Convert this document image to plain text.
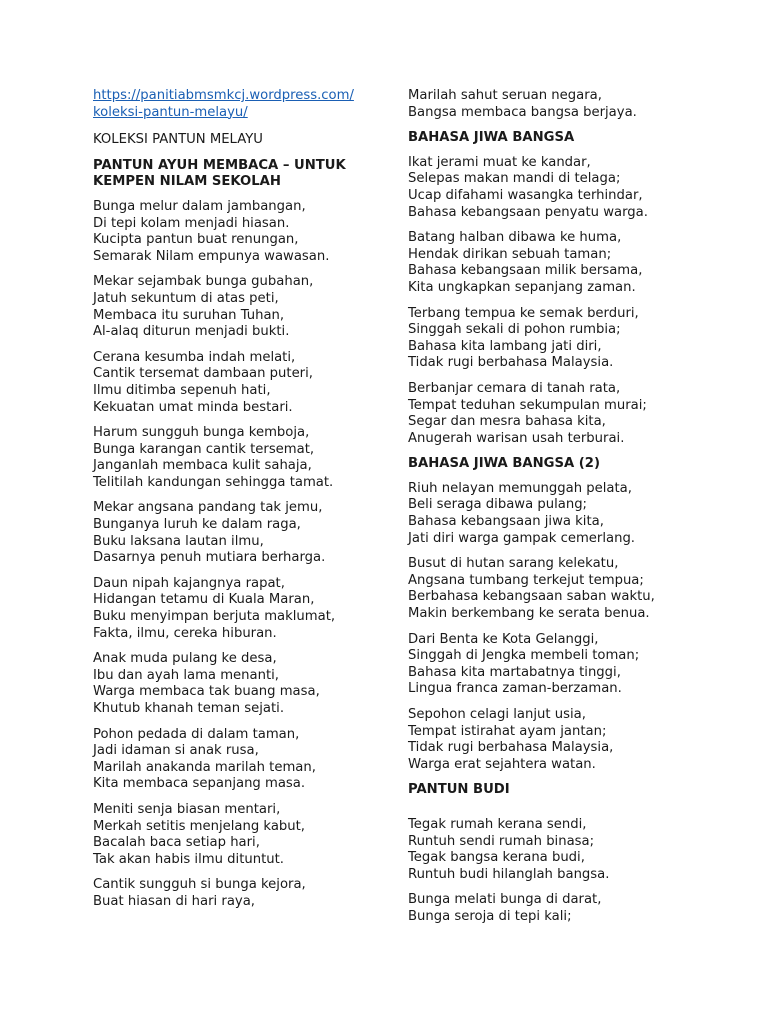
https://panitiabmsmkcj.wordpress.com/koleksi-pantun-melayu/

KOLEKSI PANTUN MELAYU

PANTUN AYUH MEMBACA – UNTUK KEMPEN NILAM SEKOLAH

Bunga melur dalam jambangan,
Di tepi kolam menjadi hiasan.
Kucipta pantun buat renungan,
Semarak Nilam empunya wawasan.
Mekar sejambak bunga gubahan,
Jatuh sekuntum di atas peti,
Membaca itu suruhan Tuhan,
Al-alaq diturun menjadi bukti.
Cerana kesumba indah melati,
Cantik tersemat dambaan puteri,
Ilmu ditimba sepenuh hati,
Kekuatan umat minda bestari.
Harum sungguh bunga kemboja,
Bunga karangan cantik tersemat,
Janganlah membaca kulit sahaja,
Telitilah kandungan sehingga tamat.
Mekar angsana pandang tak jemu,
Bunganya luruh ke dalam raga,
Buku laksana lautan ilmu,
Dasarnya penuh mutiara berharga.
Daun nipah kajangnya rapat,
Hidangan tetamu di Kuala Maran,
Buku menyimpan berjuta maklumat,
Fakta, ilmu, cereka hiburan.
Anak muda pulang ke desa,
Ibu dan ayah lama menanti,
Warga membaca tak buang masa,
Khutub khanah teman sejati.
Pohon pedada di dalam taman,
Jadi idaman si anak rusa,
Marilah anakanda marilah teman,
Kita membaca sepanjang masa.
Meniti senja biasan mentari,
Merkah setitis menjelang kabut,
Bacalah baca setiap hari,
Tak akan habis ilmu dituntut.
Cantik sungguh si bunga kejora,
Buat hiasan di hari raya,
Marilah sahut seruan negara,
Bangsa membaca bangsa berjaya.

BAHASA JIWA BANGSA

Ikat jerami muat ke kandar,
Selepas makan mandi di telaga;
Ucap difahami wasangka terhindar,
Bahasa kebangsaan penyatu warga.
Batang halban dibawa ke huma,
Hendak dirikan sebuah taman;
Bahasa kebangsaan milik bersama,
Kita ungkapkan sepanjang zaman.
Terbang tempua ke semak berduri,
Singgah sekali di pohon rumbia;
Bahasa kita lambang jati diri,
Tidak rugi berbahasa Malaysia.
Berbanjar cemara di tanah rata,
Tempat teduhan sekumpulan murai;
Segar dan mesra bahasa kita,
Anugerah warisan usah terburai.

BAHASA JIWA BANGSA (2)

Riuh nelayan memunggah pelata,
Beli seraga dibawa pulang;
Bahasa kebangsaan jiwa kita,
Jati diri warga gampak cemerlang.
Busut di hutan sarang kelekatu,
Angsana tumbang terkejut tempua;
Berbahasa kebangsaan saban waktu,
Makin berkembang ke serata benua.
Dari Benta ke Kota Gelanggi,
Singgah di Jengka membeli toman;
Bahasa kita martabatnya tinggi,
Lingua franca zaman-berzaman.
Sepohon celagi lanjut usia,
Tempat istirahat ayam jantan;
Tidak rugi berbahasa Malaysia,
Warga erat sejahtera watan.

PANTUN BUDI

Tegak rumah kerana sendi,
Runtuh sendi rumah binasa;
Tegak bangsa kerana budi,
Runtuh budi hilanglah bangsa.
Bunga melati bunga di darat,
Bunga seroja di tepi kali;
